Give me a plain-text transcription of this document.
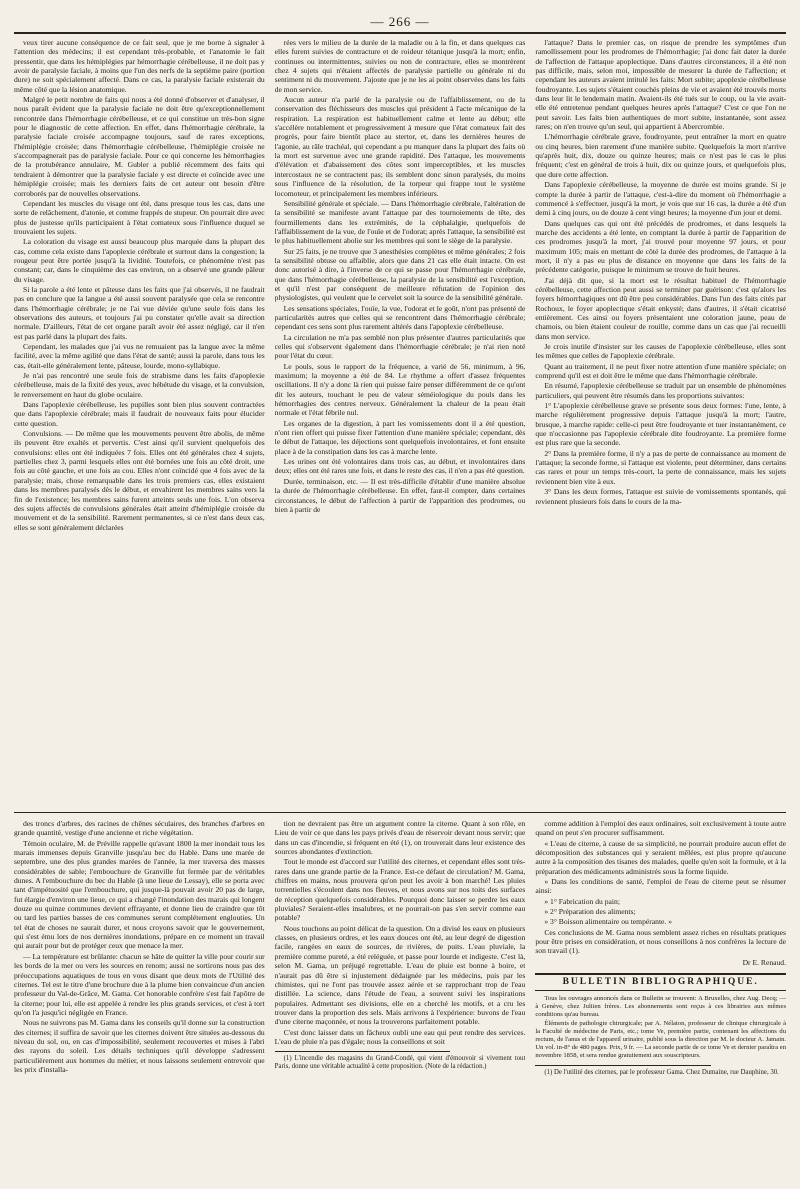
— 266 —

veux tirer aucune conséquence de ce fait seul, que je me borne à signaler à l'attention des médecins; il est cependant très-probable, et l'anatomie le fait pressentir, que dans les hémiplégies par hémorrhagie cérébelleuse, il ne doit pas y avoir de paralysie faciale, à moins que l'un des nerfs de la septième paire (portion dure) ne soit spécialement affecté. Dans ce cas, la paralysie faciale existerait du même côté que la lésion anatomique.

Malgré le petit nombre de faits qui nous a été donné d'observer et d'analyser, il nous paraît évident que la paralysie faciale ne doit être qu'exceptionnellement rencontrée dans l'hémorrhagie cérébelleuse, et ce qui constitue un très-bon signe pour le diagnostic de cette affection. En effet, dans l'hémorrhagie cérébrale, la paralysie faciale croisée accompagne toujours, sauf de rares exceptions, l'hémiplégie croisée; dans l'hémorrhagie cérébelleuse, l'hémiplégie croisée ne s'accompagnerait pas de paralysie faciale. Pour ce qui concerne les hémorrhagies de la protubérance annulaire, M. Gubler a publié récemment des faits qui tendraient à démontrer que la paralysie faciale y est directe et coïncide avec une hémiplégie croisée; mais les derniers faits de cet auteur ont besoin d'être corroborés par de nouvelles observations.

Cependant les muscles du visage ont été, dans presque tous les cas, dans une sorte de relâchement, d'atonie, et comme frappés de stupeur. On pourrait dire avec plus de justesse qu'ils participaient à l'état comateux sous l'influence duquel se trouvaient les sujets.

La coloration du visage est aussi beaucoup plus marquée dans la plupart des cas, comme cela existe dans l'apoplexie cérébrale et surtout dans la congestion; la rougeur peut être portée jusqu'à la lividité. Toutefois, ce phénomène n'est pas constant; car, dans le cinquième des cas environ, on a observé une grande pâleur du visage.

Si la parole a été lente et pâteuse dans les faits que j'ai observés, il ne faudrait pas en conclure que la langue a été aussi souvent paralysée que cela se rencontre dans l'hémorrhagie cérébrale; je ne l'ai vue déviée qu'une seule fois dans les observations des auteurs, et toujours j'ai pu constater qu'elle avait sa direction normale. D'ailleurs, l'état de cet organe paraît avoir été assez négligé, car il n'en est pas parlé dans la plupart des faits.

Cependant, les malades que j'ai vus ne remuaient pas la langue avec la même facilité, avec la même agilité que dans l'état de santé; aussi la parole, dans tous les cas, était-elle généralement lente, pâteuse, lourde, mono-syllabique.

Je n'ai pas rencontré une seule fois de strabisme dans les faits d'apoplexie cérébelleuse, mais de la fixité des yeux, avec hébétude du visage, et la convulsion, le renversement en haut du globe oculaire.

Dans l'apoplexie cérébelleuse, les pupilles sont bien plus souvent contractées que dans l'apoplexie cérébrale; mais il faudrait de nouveaux faits pour élucider cette question.

Convulsions. — De même que les mouvements peuvent être abolis, de même ils peuvent être exaltés et pervertis. C'est ainsi qu'il survient quelquefois des convulsions: elles ont été indiquées 7 fois. Elles ont été générales chez 4 sujets, partielles chez 3, parmi lesquels elles ont été bornées une fois au côté droit, une fois au côté gauche, et une fois au cou. Elles n'ont coïncidé que 4 fois avec de la paralysie; mais, chose remarquable dans les trois premiers cas, elles existaient dans les membres paralysés dès le début, et envahirent les membres sains vers la fin de l'existence; les membres sains furent atteints seuls une fois. L'on observa des sujets affectés de convulsions générales était atteint d'hémiplégie croisée du mouvement et de la sensibilité. Rarement permanentes, si ce n'est dans deux cas, elles se sont généralement déclarées

rées vers le milieu de la durée de la maladie ou à la fin, et dans quelques cas elles furent suivies de contracture et de roideur tétanique jusqu'à la mort; enfin, continues ou intermittentes, suivies ou non de contracture, elles se montrèrent chez 4 sujets qui n'étaient affectés de paralysie partielle ou générale ni du sentiment ni du mouvement. J'ajoute que je ne les ai point observées dans les faits de mon service.

Aucun auteur n'a parlé de la paralysie ou de l'affaiblissement, ou de la conservation des fléchisseurs des muscles qui président à l'acte mécanique de la respiration. La respiration est habituellement calme et lente au début; elle s'accélère notablement et progressivement à mesure que l'état comateux fait des progrès, pour faire bientôt place au stertor, et, dans les dernières heures de l'agonie, au râle trachéal, qui cependant a pu manquer dans la plupart des faits où la mort est survenue avec une grande rapidité. Des l'attaque, les mouvements d'élévation et d'abaissement des côtes sont imperceptibles, et les muscles intercostaux ne se contractent pas; ils semblent donc sinon paralysés, du moins sous l'influence de la résolution, de la torpeur qui frappe tout le système locomoteur, et principalement les membres inférieurs.

Sensibilité générale et spéciale. — Dans l'hémorrhagie cérébrale, l'altération de la sensibilité se manifeste avant l'attaque par des tournoiements de tête, des fourmillements dans les extrémités, de la céphalalgie, quelquefois de l'affaiblissement de la vue, de l'ouïe et de l'odorat; après l'attaque, la sensibilité est le plus habituellement abolie sur les membres qui sont le siège de la paralysie.

Sur 25 faits, je ne trouve que 3 anesthésies complètes et même générales; 2 fois la sensibilité obtuse ou affaiblie, alors que dans 21 cas elle était intacte. On est donc autorisé à dire, à l'inverse de ce qui se passe pour l'hémorrhagie cérébrale, que dans l'hémorrhagie cérébelleuse, la paralysie de la sensibilité est l'exception, et qu'il n'est par conséquent de meilleure réfutation de l'opinion des physiologistes, qui veulent que le cervelet soit la source de la sensibilité générale.

Les sensations spéciales, l'ouïe, la vue, l'odorat et le goût, n'ont pas présenté de particularités autres que celles qui se rencontrent dans l'hémorrhagie cérébrale; cependant ces sens sont plus rarement altérés dans l'apoplexie cérébelleuse.

La circulation ne m'a pas semblé non plus présenter d'autres particularités que celles qui s'observent également dans l'hémorrhagie cérébrale; je n'ai rien noté pour l'état du cœur.

Le pouls, sous le rapport de la fréquence, a varié de 56, minimum, à 96, maximum; la moyenne a été de 84. Le rhythme a offert d'assez fréquentes oscillations. Il n'y a donc là rien qui puisse faire penser différemment de ce qu'ont dit les auteurs, touchant le peu de valeur séméiologique du pouls dans les hémorrhagies des centres nerveux. Généralement la chaleur de la peau était normale et l'état fébrile nul.

Les organes de la digestion, à part les vomissements dont il a été question, n'ont rien offert qui puisse fixer l'attention d'une manière spéciale; cependant, dès le début de l'attaque, les déjections sont quelquefois involontaires, et font ensuite place à de la constipation dans les cas à marche lente.

Les urines ont été volontaires dans trois cas, au début, et involontaires dans deux; elles ont été rares une fois, et dans le reste des cas, il n'en a pas été question.

Durée, terminaison, etc. — Il est très-difficile d'établir d'une manière absolue la durée de l'hémorrhagie cérébelleuse. En effet, faut-il compter, dans certaines circonstances, le début de l'affection à partir de l'apparition des prodromes, ou bien à partir de

l'attaque? Dans le premier cas, on risque de prendre les symptômes d'un ramollissement pour les prodromes de l'hémorrhagie; j'ai donc fait dater la durée de l'affection de l'attaque apoplectique. Dans d'autres circonstances, il a été non pas difficile, mais, selon moi, impossible de mesurer la durée de l'affection; et cependant les auteurs avaient intitulé les faits: Mort subite; apoplexie cérébelleuse foudroyante. Les sujets s'étaient couchés pleins de vie et avaient été trouvés morts dans leur lit le lendemain matin. Avaient-ils été tués sur le coup, ou la vie avait-elle été entretenue pendant quelques heures après l'attaque? C'est ce que l'on ne peut savoir. Les faits bien authentiques de mort subite, instantanée, sont assez rares; on n'en trouve qu'un seul, qui appartient à Abercrombie.

L'hémorrhagie cérébrale grave, foudroyante, peut entraîner la mort en quatre ou cinq heures, bien rarement d'une manière subite. Quelquefois la mort n'arrive qu'après huit, dix, douze ou quinze heures; mais ce n'est pas le cas le plus fréquent; c'est en général de trois à huit, dix ou quinze jours, et quelquefois plus, que dure cette affection.

Dans l'apoplexie cérébelleuse, la moyenne de durée est moins grande. Si je compte la durée à partir de l'attaque, c'est-à-dire du moment où l'hémorrhagie a commencé à s'effectuer, jusqu'à la mort, je vois que sur 16 cas, la durée a été d'un demi à cinq jours, ou de douze à cent vingt heures; la moyenne d'un jour et demi.

Dans quelques cas qui ont été précédés de prodromes, et dans lesquels la marche des accidents a été lente, en comptant la durée à partir de l'apparition de ces prodromes jusqu'à la mort, j'ai trouvé pour moyenne 97 jours, et pour maximum 105; mais en mettant de côté la durée des prodromes, de l'attaque à la mort, il n'y a pas eu plus de distance en moyenne que dans les faits de la précédente catégorie, puisque le minimum se trouve de huit heures.

J'ai déjà dit que, si la mort est le résultat habituel de l'hémorrhagie cérébelleuse, cette affection peut aussi se terminer par guérison: c'est qu'alors les foyers hémorrhagiques ont dû être peu considérables. Dans l'un des faits cités par Rochoux, le foyer apoplectique s'était enkysté; dans d'autres, il s'était cicatrisé entièrement. Ces ainsi ou foyers présentaient une coloration jaune, peau de chamois, ou bien étaient couleur de rouille, comme dans un cas que j'ai recueilli dans mon service.

Je crois inutile d'insister sur les causes de l'apoplexie cérébelleuse, elles sont les mêmes que celles de l'apoplexie cérébrale.

Quant au traitement, il ne peut fixer notre attention d'une manière spéciale; on comprend qu'il est et doit être le même que dans l'hémorrhagie cérébrale.

En résumé, l'apoplexie cérébelleuse se traduit par un ensemble de phénomènes particuliers, qui peuvent être résumés dans les proportions suivantes:

1° L'apoplexie cérébelleuse grave se présente sous deux formes: l'une, lente, à marche régulièrement progressive depuis l'attaque jusqu'à la mort; l'autre, brusque, à marche rapide: celle-ci peut être foudroyante et tuer instantanément, ce que n'occasionne pas l'apoplexie cérébrale dite foudroyante. La première forme est plus rare que la seconde.

2° Dans la première forme, il n'y a pas de perte de connaissance au moment de l'attaque; la seconde forme, si l'attaque est violente, peut déterminer, dans certains cas rares et pour un temps très-court, la perte de connaissance, mais les sujets reviennent bien vite à eux.

3° Dans les deux formes, l'attaque est suivie de vomissements spontanés, qui reviennent plusieurs fois dans le cours de la ma-

des troncs d'arbres, des racines de chênes séculaires, des branches d'arbres en grande quantité, vestige d'une ancienne et riche végétation.

Témoin oculaire, M. de Préville rappelle qu'avant 1800 la mer inondait tous les marais immenses depuis Granville jusqu'au bec du Hable. Dans une marée de septembre, une des plus grandes marées de l'année, la mer traversa des masses considérables de sable; l'embouchure de Granville fut fermée par de véritables dunes. A l'embouchure du bec du Hable (à une lieue de Lessay), elle se porta avec tant d'impétuosité que l'embouchure, qui jusque-là pouvait avoir 20 pas de large, fut élargie d'environ une lieue, ce qui a changé l'inondation des marais qui longent douze ou quinze communes devient effrayante, et donne lieu de craindre que tôt ou tard les parties basses de ces communes seront complétement englouties. Un tel état de choses ne saurait durer, et nous croyons savoir que le gouvernement, qui s'est ému lors de nos dernières inondations, prépare en ce moment un travail qui aurait pour but de protéger ceux que menace la mer.

— La température est brûlante: chacun se hâte de quitter la ville pour courir sur les bords de la mer ou vers les sources en renom; aussi ne sortirons nous pas des préoccupations aquatiques de tous en vous disant que deux mots de l'Utilité des citernes. Tel est le titre d'une brochure due à la plume bien convaincue d'un ancien professeur du Val-de-Grâce, M. Gama. Cet honorable confrère s'est fait l'apôtre de la citerne; pour lui, elle est appelée à rendre les plus grands services, et c'est à tort qu'on l'a jusqu'ici négligée en France.

Nous ne suivrons pas M. Gama dans les conseils qu'il donne sur la construction des citernes; il suffira de savoir que les citernes doivent être situées au-dessous du niveau du sol, ou, en cas d'impossibilité, seulement recouvertes et mises à l'abri des rayons du soleil. Les détails techniques qu'il développe s'adressent particulièrement aux hommes du métier, et nous laissons seulement entrevoir que les prix d'installa-

tion ne devraient pas être un argument contre la citerne. Quant à son rôle, en Lieu de voir ce que dans les pays privés d'eau de réservoir devant nous servir; que dans un cas d'incendie, si fréquent en été (1), on trouverait dans leur existence des sources abondantes d'extinction.

Tout le monde est d'accord sur l'utilité des citernes, et cependant elles sont très-rares dans une grande partie de la France. Est-ce défaut de circulation? M. Gama, chiffres en mains, nous prouvera qu'on peut les avoir à bon marché! Les pluies torrentielles s'écoulent dans nos fleuves, et nous avons sur nos toits des surfaces de réception quelquefois considérables. Pourquoi donc laisser se perdre les eaux pluviales? Seraient-elles insalubres, et ne pourrait-on pas s'en servir comme eau potable?

Nous touchons au point délicat de la question. On a divisé les eaux en plusieurs classes, en plusieurs ordres, et les eaux douces ont été, au leur degré de digestion facile, rangées en eaux de sources, de rivières, de puits. L'eau pluviale, la première comme pureté, a été reléguée, et passe pour lourde et indigeste. C'est là, selon M. Gama, un préjugé regrettable. L'eau de pluie est bonne à boire, et n'aurait pas dû être si injustement dédaignée par les médecins, puis par les chimistes, qui ne l'ont pas trouvée assez aérée et se rapprochant trop de l'eau distillée. La science, dans l'étude de l'eau, a souvent suivi les inspirations populaires. Admettant ses divisions, elle en a cherché les motifs, et a cru les trouver dans la proportion des sels. Mais arrivons à l'expérience: buvons de l'eau d'une citerne maçonnée, et nous la trouverons parfaitement potable.

C'est donc laisser dans un fâcheux oubli une eau qui peut rendre des services. L'eau de pluie n'a pas d'égale; nous la conseillons et soit

(1) L'incendie des magasins du Grand-Condé, qui vient d'émouvoir si vivement tout Paris, donne une véritable actualité à cette proposition. (Note de la rédaction.)

comme addition à l'emploi des eaux ordinaires, soit exclusivement à toute autre quand on peut s'en procurer suffisamment.

« L'eau de citerne, à cause de sa simplicité, ne pourrait produire aucun effet de décomposition des substances qui y seraient mêlées, est plus propre qu'aucune autre à la composition des tisanes des malades, quelle qu'en soit la formule, et à la préparation des médicaments administrés sous la forme liquide.

» Dans les conditions de santé, l'emploi de l'eau de citerne peut se résumer ainsi:

» 1° Fabrication du pain;

» 2° Préparation des aliments;

» 3° Boisson alimentaire ou tempérante. »

Ces conclusions de M. Gama nous semblent assez riches en résultats pratiques pour être prises en considération, et nous conseillons à nos confrères la lecture de son travail (1).

Dr E. Renaud.
BULLETIN BIBLIOGRAPHIQUE.

Tous les ouvrages annoncés dans ce Bulletin se trouvent: A Bruxelles, chez Aug. Decq; — à Genève, chez Juliien frères. Les abonnements sont reçus à ces librairies aux mêmes conditions qu'au bureau.

Éléments de pathologie chirurgicale; par A. Nélaton, professeur de clinique chirurgicale à la Faculté de médecine de Paris, etc.; tome Ve, première partie, contenant les affections du rectum, de l'anus et de l'appareil urinaire, publié sous la direction par M. le docteur A. Jamain. Un vol. in-8° de 480 pages. Prix, 9 fr. — La seconde partie de ce tome Ve et dernier paraîtra en novembre 1858, et sera rendue gratuitement aux souscripteurs.

(1) De l'utilité des citernes, par le professeur Gama. Chez Dumaine, rue Dauphine, 30.
